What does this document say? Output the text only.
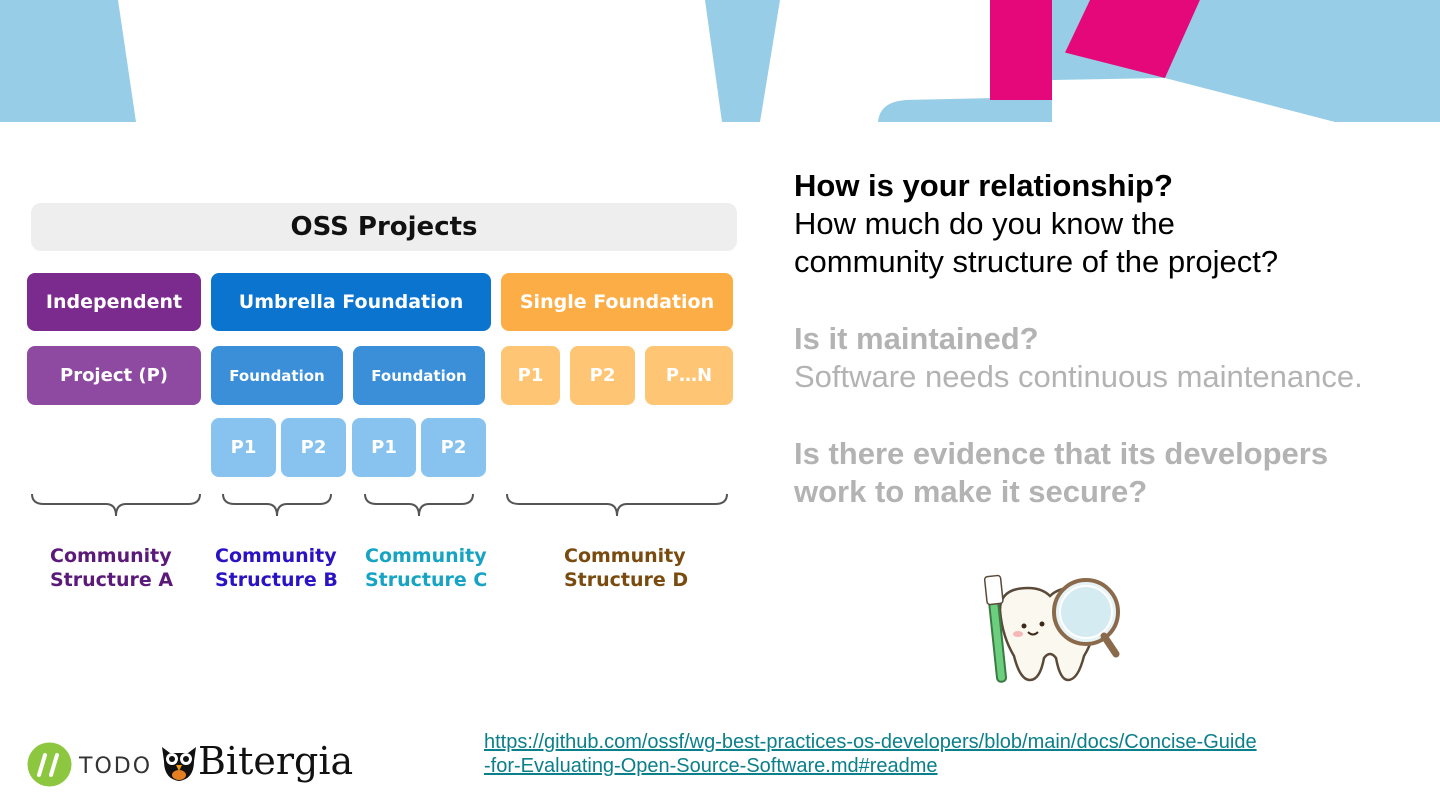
OSS Projects
Independent	Umbrella Foundation	Single Foundation
Project (P)	Foundation	Foundation	P1	P2	P…N
P1	P2	P1	P2
Community
Structure A
Community
Structure B
Community
Structure C
Community
Structure D
How is your relationship?
How much do you know the
community structure of the project?
Is it maintained?
Software needs continuous maintenance.
Is there evidence that its developers
work to make it secure?
TODO Bitergia	https://github.com/ossf/wg-best-practices-os-developers/blob/main/docs/Concise-Guide
-for-Evaluating-Open-Source-Software.md#readme
